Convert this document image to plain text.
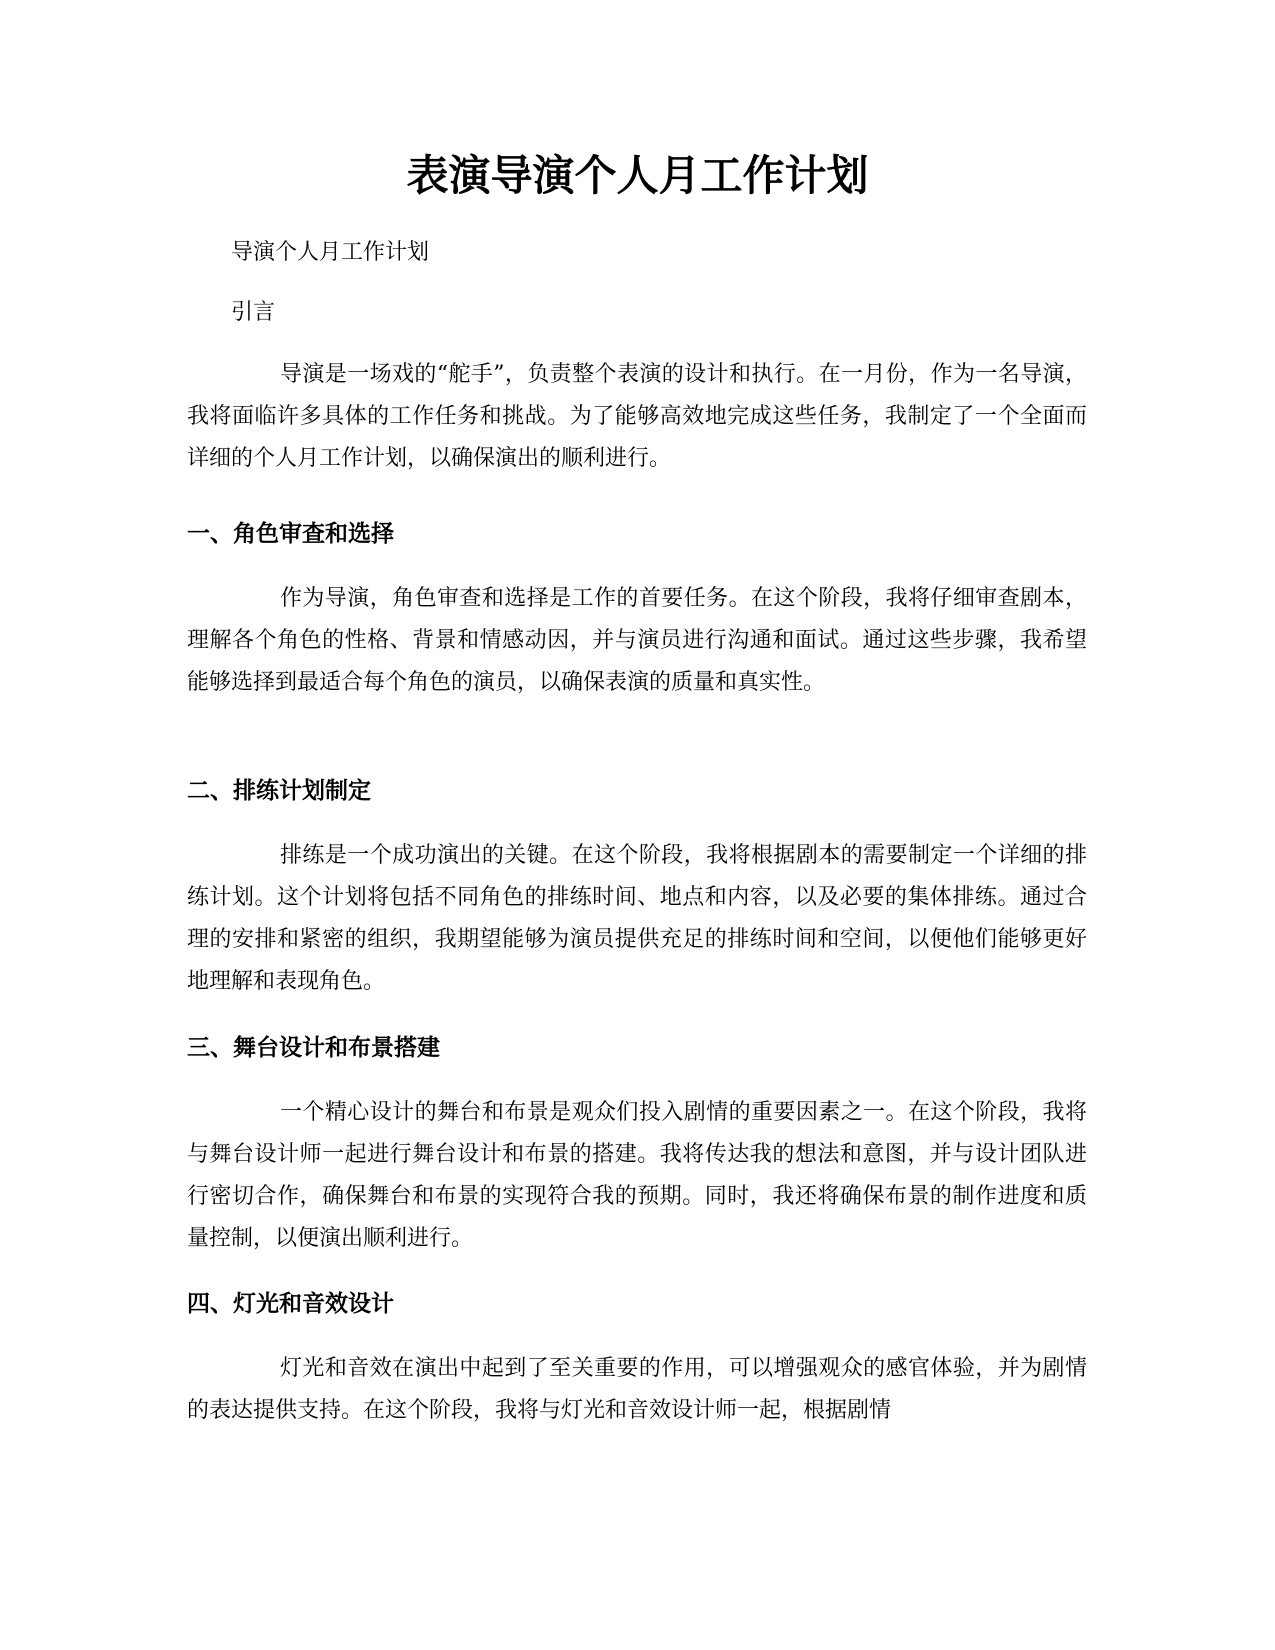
表演导演个人月工作计划

导演个人月工作计划

引言

导演是一场戏的“舵手”，负责整个表演的设计和执行。在一月份，作为一名导演，我将面临许多具体的工作任务和挑战。为了能够高效地完成这些任务，我制定了一个全面而详细的个人月工作计划，以确保演出的顺利进行。

一、角色审查和选择

作为导演，角色审查和选择是工作的首要任务。在这个阶段，我将仔细审查剧本，理解各个角色的性格、背景和情感动因，并与演员进行沟通和面试。通过这些步骤，我希望能够选择到最适合每个角色的演员，以确保表演的质量和真实性。

二、排练计划制定

排练是一个成功演出的关键。在这个阶段，我将根据剧本的需要制定一个详细的排练计划。这个计划将包括不同角色的排练时间、地点和内容，以及必要的集体排练。通过合理的安排和紧密的组织，我期望能够为演员提供充足的排练时间和空间，以便他们能够更好地理解和表现角色。

三、舞台设计和布景搭建

一个精心设计的舞台和布景是观众们投入剧情的重要因素之一。在这个阶段，我将与舞台设计师一起进行舞台设计和布景的搭建。我将传达我的想法和意图，并与设计团队进行密切合作，确保舞台和布景的实现符合我的预期。同时，我还将确保布景的制作进度和质量控制，以便演出顺利进行。

四、灯光和音效设计

灯光和音效在演出中起到了至关重要的作用，可以增强观众的感官体验，并为剧情的表达提供支持。在这个阶段，我将与灯光和音效设计师一起，根据剧情
